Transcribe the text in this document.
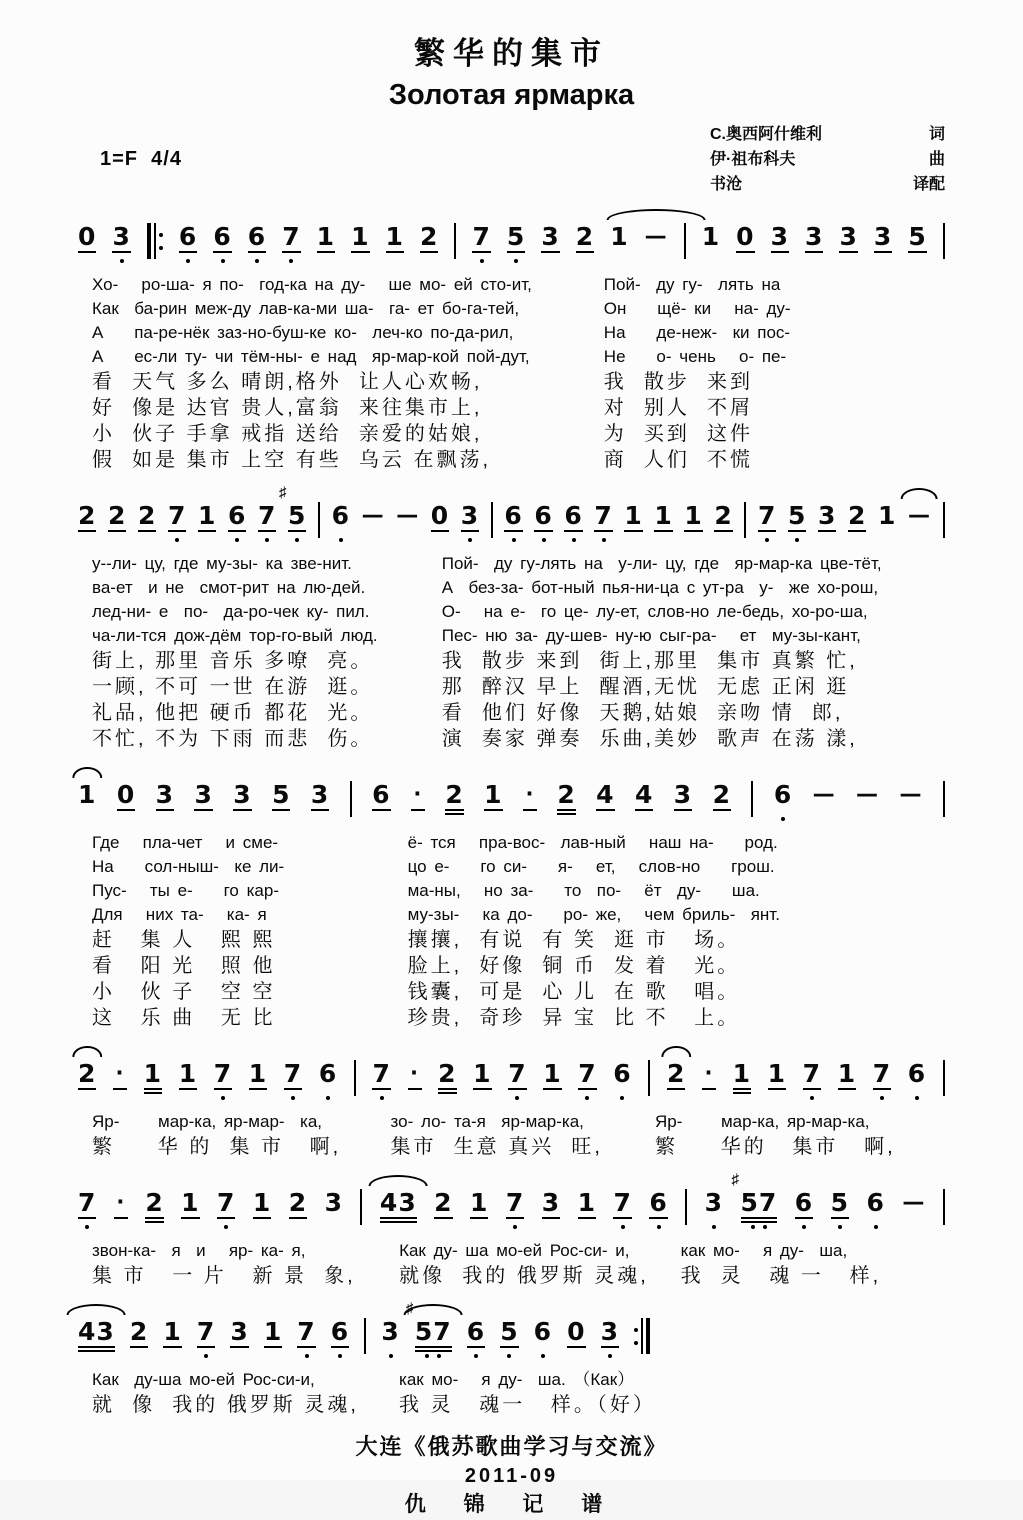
繁华的集市
Золотая ярмарка
1=F 4/4
C.奥西阿什维利	词
伊·祖布科夫	曲
书沧	译配
0 3 6 6 6 7 1 1 1 2 7 5 3 2 1 — 1 0 3 3 3 3 5
Хо-   ро-ша- я по-  год-ка на ду-   ше мо- ей сто-ит,	Пой-  ду гу-  лять на
Как  ба-рин меж-ду лав-ка-ми ша-  га- ет бо-га-тей,	Он    щё- ки   на- ду-
А    па-ре-нёк заз-но-буш-ке ко-  леч-ко по-да-рил,	На    де-неж-  ки пос-
А    ес-ли ту- чи тём-ны- е над  яр-мар-кой пой-дут,	Не    о- чень   о- пе-
看  天气 多么 晴朗,格外  让人心欢畅,	我  散步  来到
好  像是 达官 贵人,富翁  来往集市上,	对  别人  不屑
小  伙子 手拿 戒指 送给  亲爱的姑娘,	为  买到  这件
假  如是 集市 上空 有些  乌云 在飘荡,	商  人们  不慌
2 2 2 7 1 6 7
♯
5 6 — — 0 3 6 6 6 7 1 1 1 2 7 5 3 2 1 —
у--ли- цу, где му-зы- ка зве-нит.	Пой-  ду гу-лять на  у-ли- цу, где  яр-мар-ка цве-тёт,
ва-ет  и не  смот-рит на лю-дей.	А  без-за- бот-ный пья-ни-ца с ут-ра  у-  же хо-рош,
лед-ни- е  по-  да-ро-чек ку- пил.	О-   на е-  го це- лу-ет, слов-но ле-бедь, хо-ро-ша,
ча-ли-тся дож-дём тор-го-вый люд.	Пес- ню за- ду-шев- ну-ю сыг-ра-   ет  му-зы-кант,
街上, 那里 音乐 多嘹  亮。	我  散步 来到  街上,那里  集市 真繁 忙,
一顾, 不可 一世 在游  逛。	那  醉汉 早上  醒酒,无忧  无虑 正闲 逛
礼品, 他把 硬币 都花  光。	看  他们 好像  天鹅,姑娘  亲吻 情  郎,
不忙, 不为 下雨 而悲  伤。	演  奏家 弹奏  乐曲,美妙  歌声 在荡 漾,
1 0 3 3 3 5 3 6 · 2 1 · 2 4 4 3 2 6 — — —
Где   пла-чет   и сме-	ё- тся   пра-вос-  лав-ный   наш на-    род.
На    сол-ныш-  ке ли-	цо е-    го си-    я-   ет,   слов-но    грош.
Пус-   ты е-    го кар-	ма-ны,   но за-    то  по-   ёт  ду-    ша.
Для   них та-   ка- я	му-зы-   ка до-    ро- же,   чем бриль-  янт.
赶   集 人   熙 熙	攘攘,  有说  有 笑  逛 市   场。
看   阳 光   照 他	脸上,  好像  铜 币  发 着   光。
小   伙 子   空 空	钱囊,  可是  心 儿  在 歌   唱。
这   乐 曲   无 比	珍贵,  奇珍  异 宝  比 不   上。
2 · 1 1 7 1 7 6 7 · 2 1 7 1 7 6 2 · 1 1 7 1 7 6
Яр-     мар-ка, яр-мар-  ка,	зо- ло- та-я  яр-мар-ка,	Яр-     мар-ка, яр-мар-ка,
繁     华 的  集 市   啊,	集市  生意 真兴  旺,	繁     华的   集市   啊,
7 · 2 1 7 1 2 3 43 2 1 7 3 1 7 6 3
♯
57 6 5 6 —
звон-ка-  я  и   яр- ка- я,	Как ду- ша мо-ей Рос-си- и,	как мо-   я ду-  ша,
集 市   一 片   新 景  象,	就像  我的 俄罗斯 灵魂,	我  灵   魂 一   样,
43 2 1 7 3 1 7 6 3
♯
57 6 5 6 0 3
Как  ду-ша мо-ей Рос-си-и,	как мо-   я ду-  ша. （Как）
就  像  我的 俄罗斯 灵魂,	我 灵   魂一   样。（好）
大连《俄苏歌曲学习与交流》
2011-09
仇 锦 记 谱
